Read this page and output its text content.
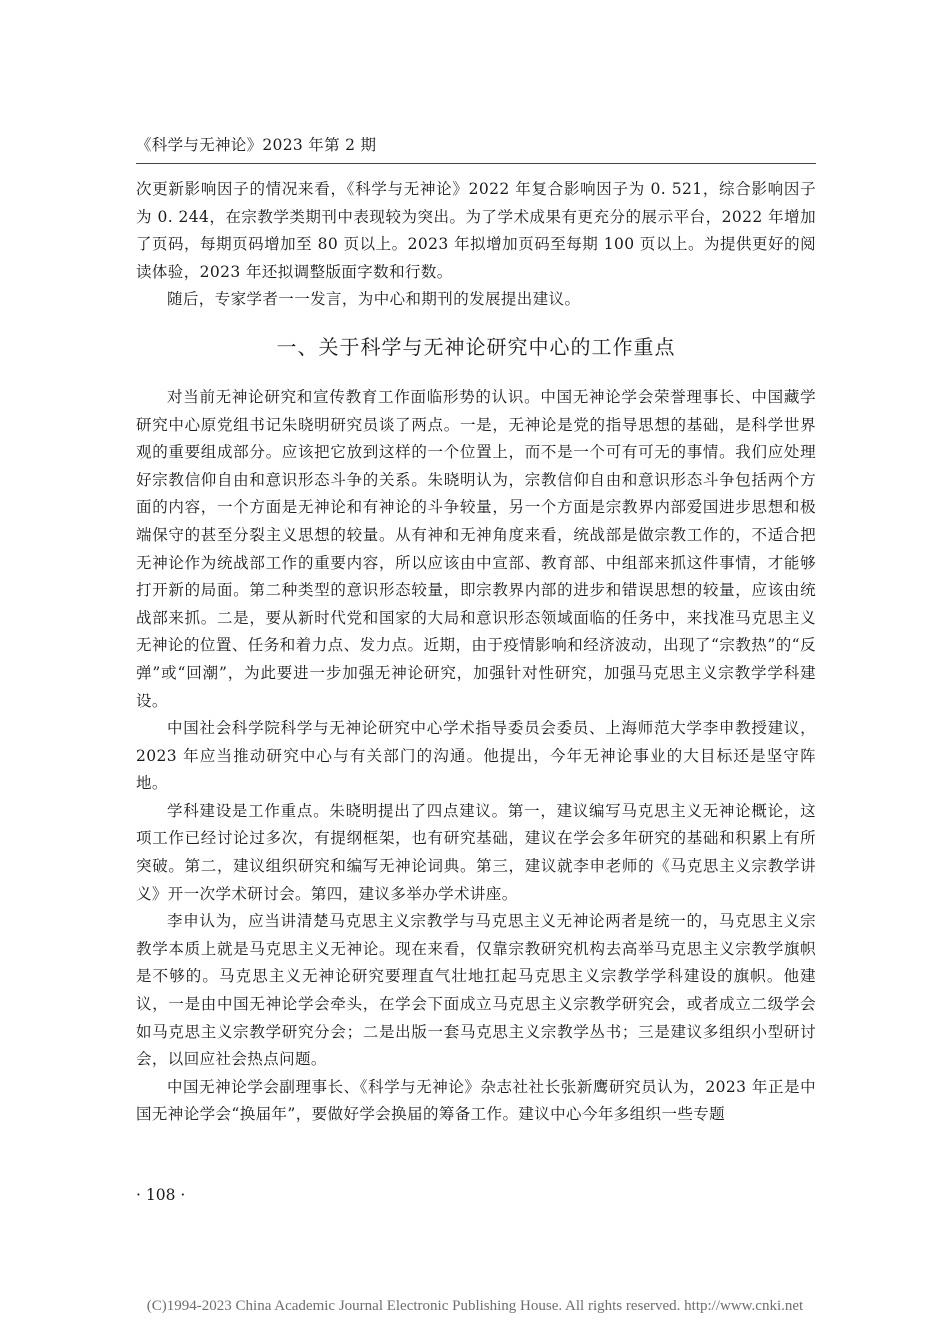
《科学与无神论》2023 年第 2 期

次更新影响因子的情况来看，《科学与无神论》2022 年复合影响因子为 0. 521，综合影响因子为 0. 244，在宗教学类期刊中表现较为突出。为了学术成果有更充分的展示平台，2022 年增加了页码，每期页码增加至 80 页以上。2023 年拟增加页码至每期 100 页以上。为提供更好的阅读体验，2023 年还拟调整版面字数和行数。

随后，专家学者一一发言，为中心和期刊的发展提出建议。

一、关于科学与无神论研究中心的工作重点

对当前无神论研究和宣传教育工作面临形势的认识。中国无神论学会荣誉理事长、中国藏学研究中心原党组书记朱晓明研究员谈了两点。一是，无神论是党的指导思想的基础，是科学世界观的重要组成部分。应该把它放到这样的一个位置上，而不是一个可有可无的事情。我们应处理好宗教信仰自由和意识形态斗争的关系。朱晓明认为，宗教信仰自由和意识形态斗争包括两个方面的内容，一个方面是无神论和有神论的斗争较量，另一个方面是宗教界内部爱国进步思想和极端保守的甚至分裂主义思想的较量。从有神和无神角度来看，统战部是做宗教工作的，不适合把无神论作为统战部工作的重要内容，所以应该由中宣部、教育部、中组部来抓这件事情，才能够打开新的局面。第二种类型的意识形态较量，即宗教界内部的进步和错误思想的较量，应该由统战部来抓。二是，要从新时代党和国家的大局和意识形态领域面临的任务中，来找准马克思主义无神论的位置、任务和着力点、发力点。近期，由于疫情影响和经济波动，出现了“宗教热”的“反弹”或“回潮”，为此要进一步加强无神论研究，加强针对性研究，加强马克思主义宗教学学科建设。

中国社会科学院科学与无神论研究中心学术指导委员会委员、上海师范大学李申教授建议，2023 年应当推动研究中心与有关部门的沟通。他提出，今年无神论事业的大目标还是坚守阵地。

学科建设是工作重点。朱晓明提出了四点建议。第一，建议编写马克思主义无神论概论，这项工作已经讨论过多次，有提纲框架，也有研究基础，建议在学会多年研究的基础和积累上有所突破。第二，建议组织研究和编写无神论词典。第三，建议就李申老师的《马克思主义宗教学讲义》开一次学术研讨会。第四，建议多举办学术讲座。

李申认为，应当讲清楚马克思主义宗教学与马克思主义无神论两者是统一的，马克思主义宗教学本质上就是马克思主义无神论。现在来看，仅靠宗教研究机构去高举马克思主义宗教学旗帜是不够的。马克思主义无神论研究要理直气壮地扛起马克思主义宗教学学科建设的旗帜。他建议，一是由中国无神论学会牵头，在学会下面成立马克思主义宗教学研究会，或者成立二级学会如马克思主义宗教学研究分会；二是出版一套马克思主义宗教学丛书；三是建议多组织小型研讨会，以回应社会热点问题。

中国无神论学会副理事长、《科学与无神论》杂志社社长张新鹰研究员认为，2023 年正是中国无神论学会“换届年”，要做好学会换届的筹备工作。建议中心今年多组织一些专题

· 108 ·
(C)1994-2023 China Academic Journal Electronic Publishing House. All rights reserved. http://www.cnki.net
